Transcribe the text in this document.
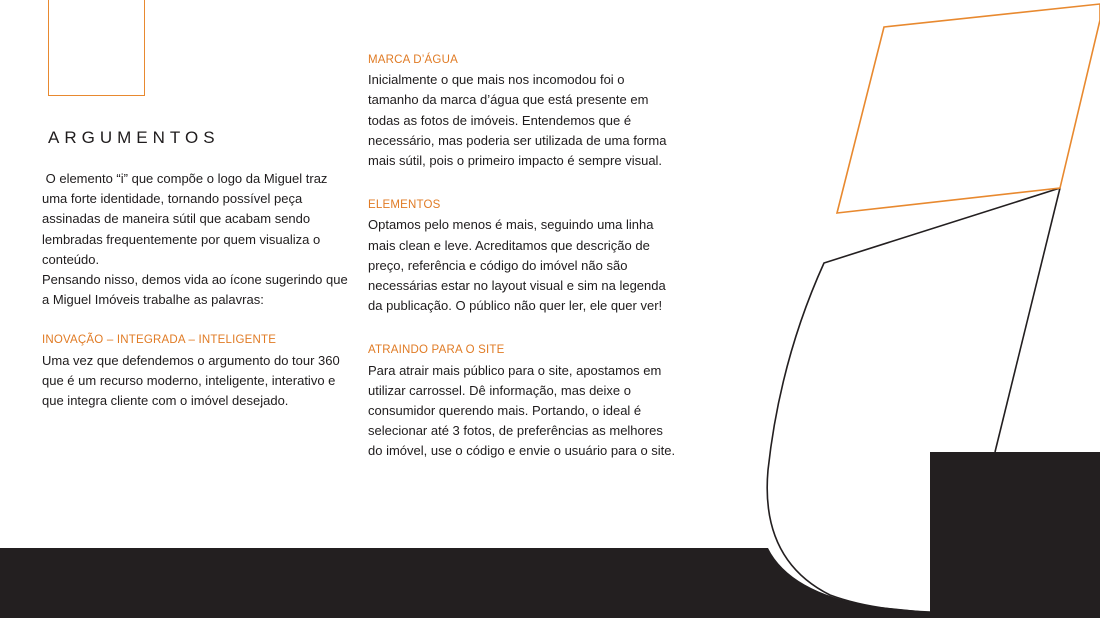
ARGUMENTOS

O elemento “i” que compõe o logo da Miguel traz uma forte identidade, tornando possível peça assinadas de maneira sútil que acabam sendo lembradas frequentemente por quem visualiza o conteúdo.

Pensando nisso, demos vida ao ícone sugerindo que a Miguel Imóveis trabalhe as palavras:

INOVAÇÃO – INTEGRADA – INTELIGENTE

Uma vez que defendemos o argumento do tour 360 que é um recurso moderno, inteligente, interativo e que integra cliente com o imóvel desejado.

MARCA D’ÁGUA

Inicialmente o que mais nos incomodou foi o tamanho da marca d’água que está presente em todas as fotos de imóveis. Entendemos que é necessário, mas poderia ser utilizada de uma forma mais sútil, pois o primeiro impacto é sempre visual.

ELEMENTOS

Optamos pelo menos é mais, seguindo uma linha mais clean e leve. Acreditamos que descrição de preço, referência e código do imóvel não são necessárias estar no layout visual e sim na legenda da publicação. O público não quer ler, ele quer ver!

ATRAINDO PARA O SITE

Para atrair mais público para o site, apostamos em utilizar carrossel. Dê informação, mas deixe o consumidor querendo mais. Portando, o ideal é selecionar até 3 fotos, de preferências as melhores do imóvel, use o código e envie o usuário para o site.
